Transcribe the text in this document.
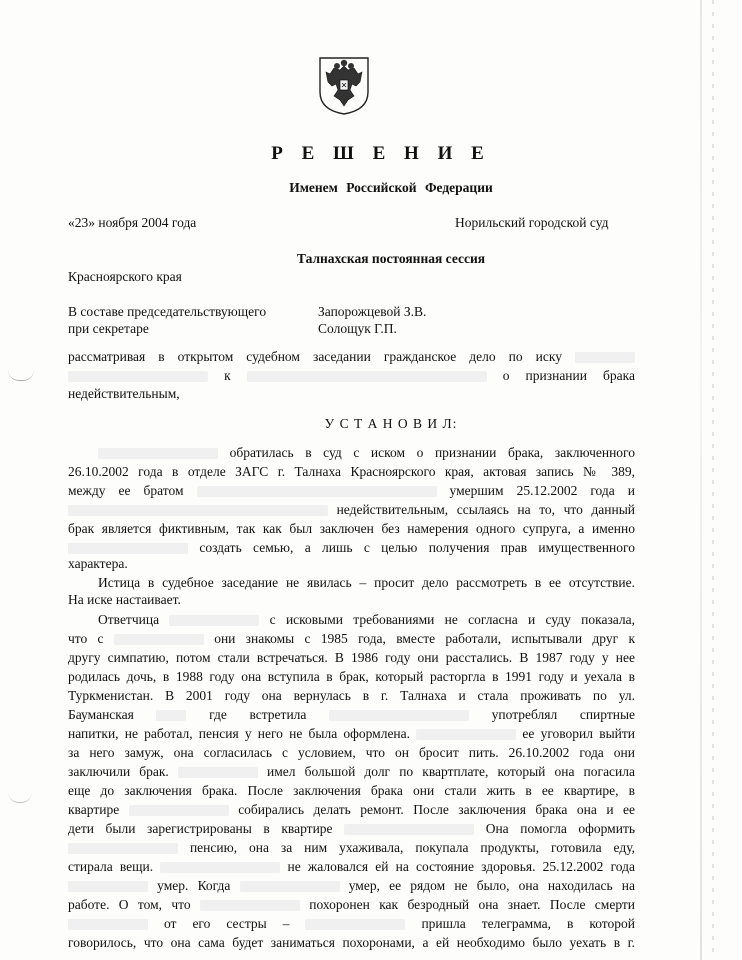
Р Е Ш Е Н И Е
Именем Российской Федерации
«23» ноября 2004 года	Норильский городской суд
Талнахская постоянная сессия
Красноярского края
В составе председательствующего	Запорожцевой З.В.
при секретаре	Солощук Г.П.
рассматривая в открытом судебном заседании гражданское дело по иску
к	о признании брака
недействительным,
У С Т А Н О В И Л:
обратилась в суд с иском о признании брака, заключенного
26.10.2002 года в отделе ЗАГС г. Талнаха Красноярского края, актовая запись № 389,
между ее братом	умершим 25.12.2002 года и
недействительным, ссылаясь на то, что данный
брак является фиктивным, так как был заключен без намерения одного супруга, а именно
создать семью, а лишь с целью получения прав имущественного
характера.
Истица в судебное заседание не явилась – просит дело рассмотреть в ее отсутствие.
На иске настаивает.
Ответчица	с исковыми требованиями не согласна и суду показала,
что с	они знакомы с 1985 года, вместе работали, испытывали друг к
другу симпатию, потом стали встречаться. В 1986 году они расстались. В 1987 году у нее
родилась дочь, в 1988 году она вступила в брак, который расторгла в 1991 году и уехала в
Туркменистан. В 2001 году она вернулась в г. Талнаха и стала проживать по ул.
Бауманская	где встретила	употреблял спиртные
напитки, не работал, пенсия у него не была оформлена.	ее уговорил выйти
за него замуж, она согласилась с условием, что он бросит пить. 26.10.2002 года они
заключили брак.	имел большой долг по квартплате, который она погасила
еще до заключения брака. После заключения брака они стали жить в ее квартире, в
квартире	собирались делать ремонт. После заключения брака она и ее
дети были зарегистрированы в квартире	Она помогла оформить
пенсию, она за ним ухаживала, покупала продукты, готовила еду,
стирала вещи.	не жаловался ей на состояние здоровья. 25.12.2002 года
умер. Когда	умер, ее рядом не было, она находилась на
работе. О том, что	похоронен как безродный она знает. После смерти
от его сестры –	пришла телеграмма, в которой
говорилось, что она сама будет заниматься похоронами, а ей необходимо было уехать в г.
